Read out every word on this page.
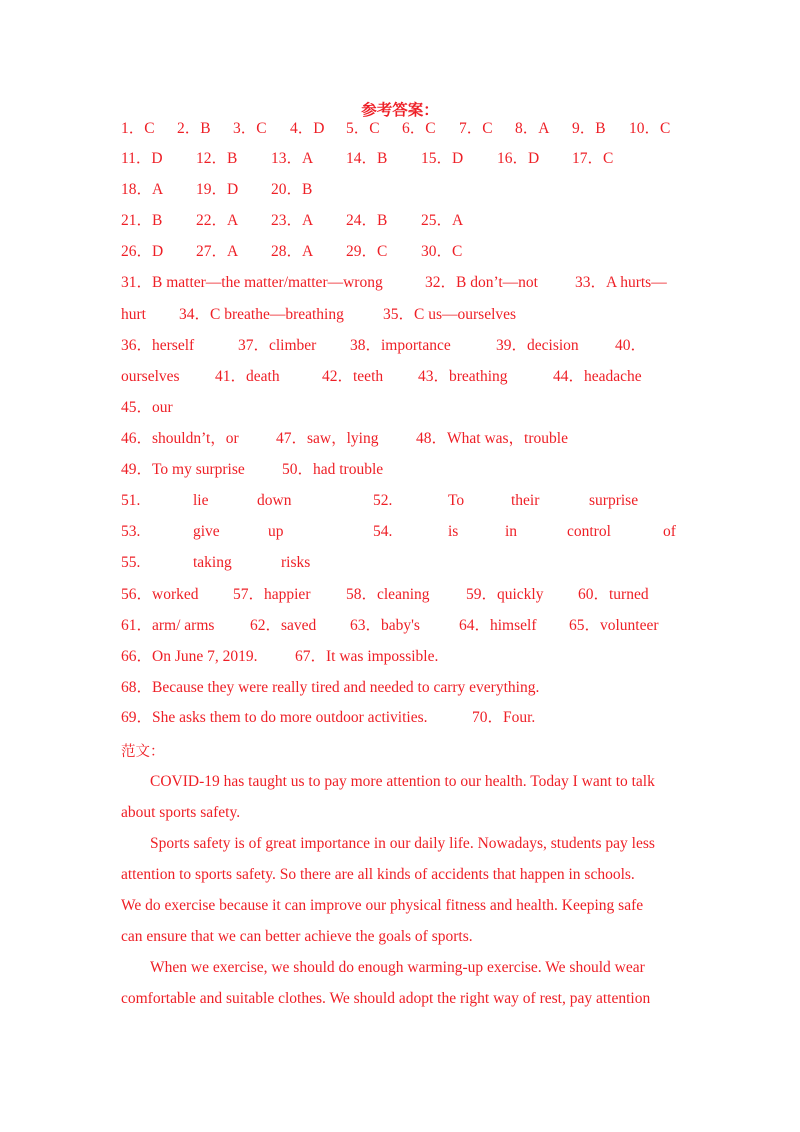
参考答案：
1．C 2．B 3．C 4．D 5．C 6．C 7．C 8．A 9．B 10．C
11．D 12．B 13．A 14．B 15．D 16．D 17．C
18．A 19．D 20．B
21．B 22．A 23．A 24．B 25．A
26．D 27．A 28．A 29．C 30．C
31．B matter—the matter/matter—wrong	32．B don’t—not 33．A hurts—
hurt 34．C breathe—breathing	35．C us—ourselves
36．herself	37．climber 38．importance	39．decision 40．
ourselves 41．death	42．teeth 43．breathing	44．headache
45．our
46．shouldn’t，or 47．saw，lying 48．What was，trouble
49．To my surprise 50．had trouble
51.	lie	down	52.	To	their	surprise
53.	give	up	54.	is	in	control	of
55.	taking	risks
56．worked 57．happier 58．cleaning 59．quickly 60．turned
61．arm/ arms 62．saved 63．baby's	64．himself 65．volunteer
66．On June 7, 2019. 67．It was impossible.
68．Because they were really tired and needed to carry everything.
69．She asks them to do more outdoor activities.	70．Four.
范文：
COVID-19 has taught us to pay more attention to our health. Today I want to talk
about sports safety.
Sports safety is of great importance in our daily life. Nowadays, students pay less
attention to sports safety. So there are all kinds of accidents that happen in schools.
We do exercise because it can improve our physical fitness and health. Keeping safe
can ensure that we can better achieve the goals of sports.
When we exercise, we should do enough warming-up exercise. We should wear
comfortable and suitable clothes. We should adopt the right way of rest, pay attention
